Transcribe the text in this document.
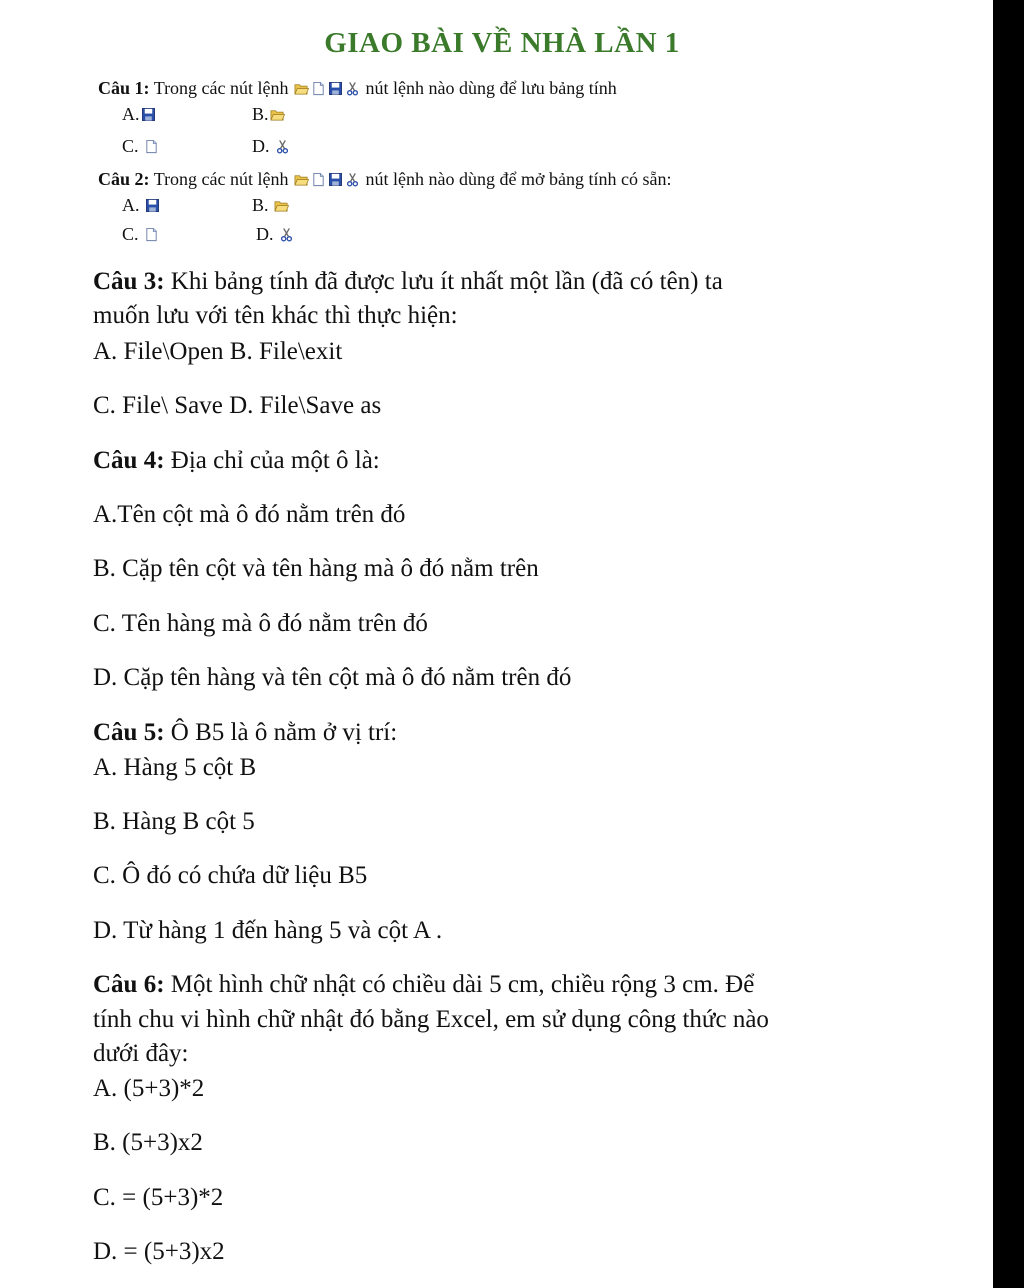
GIAO BÀI VỀ NHÀ LẦN 1
Câu 1: Trong các nút lệnh	nút lệnh nào dùng để lưu bảng tính
A.	B.
C.	D.
Câu 2: Trong các nút lệnh	nút lệnh nào dùng để mở bảng tính có sẵn:
A.	B.
C.	D.
Câu 3: Khi bảng tính đã được lưu ít nhất một lần (đã có tên) ta
muốn lưu với tên khác thì thực hiện:
A. File\Open B. File\exit
C. File\ Save D. File\Save as
Câu 4: Địa chỉ của một ô là:
A.Tên cột mà ô đó nằm trên đó
B. Cặp tên cột và tên hàng mà ô đó nằm trên
C. Tên hàng mà ô đó nằm trên đó
D. Cặp tên hàng và tên cột mà ô đó nằm trên đó
Câu 5: Ô B5 là ô nằm ở vị trí:
A. Hàng 5 cột B
B. Hàng B cột 5
C. Ô đó có chứa dữ liệu B5
D. Từ hàng 1 đến hàng 5 và cột A .
Câu 6: Một hình chữ nhật có chiều dài 5 cm, chiều rộng 3 cm. Để
tính chu vi hình chữ nhật đó bằng Excel, em sử dụng công thức nào
dưới đây:
A. (5+3)*2
B. (5+3)x2
C. = (5+3)*2
D. = (5+3)x2
